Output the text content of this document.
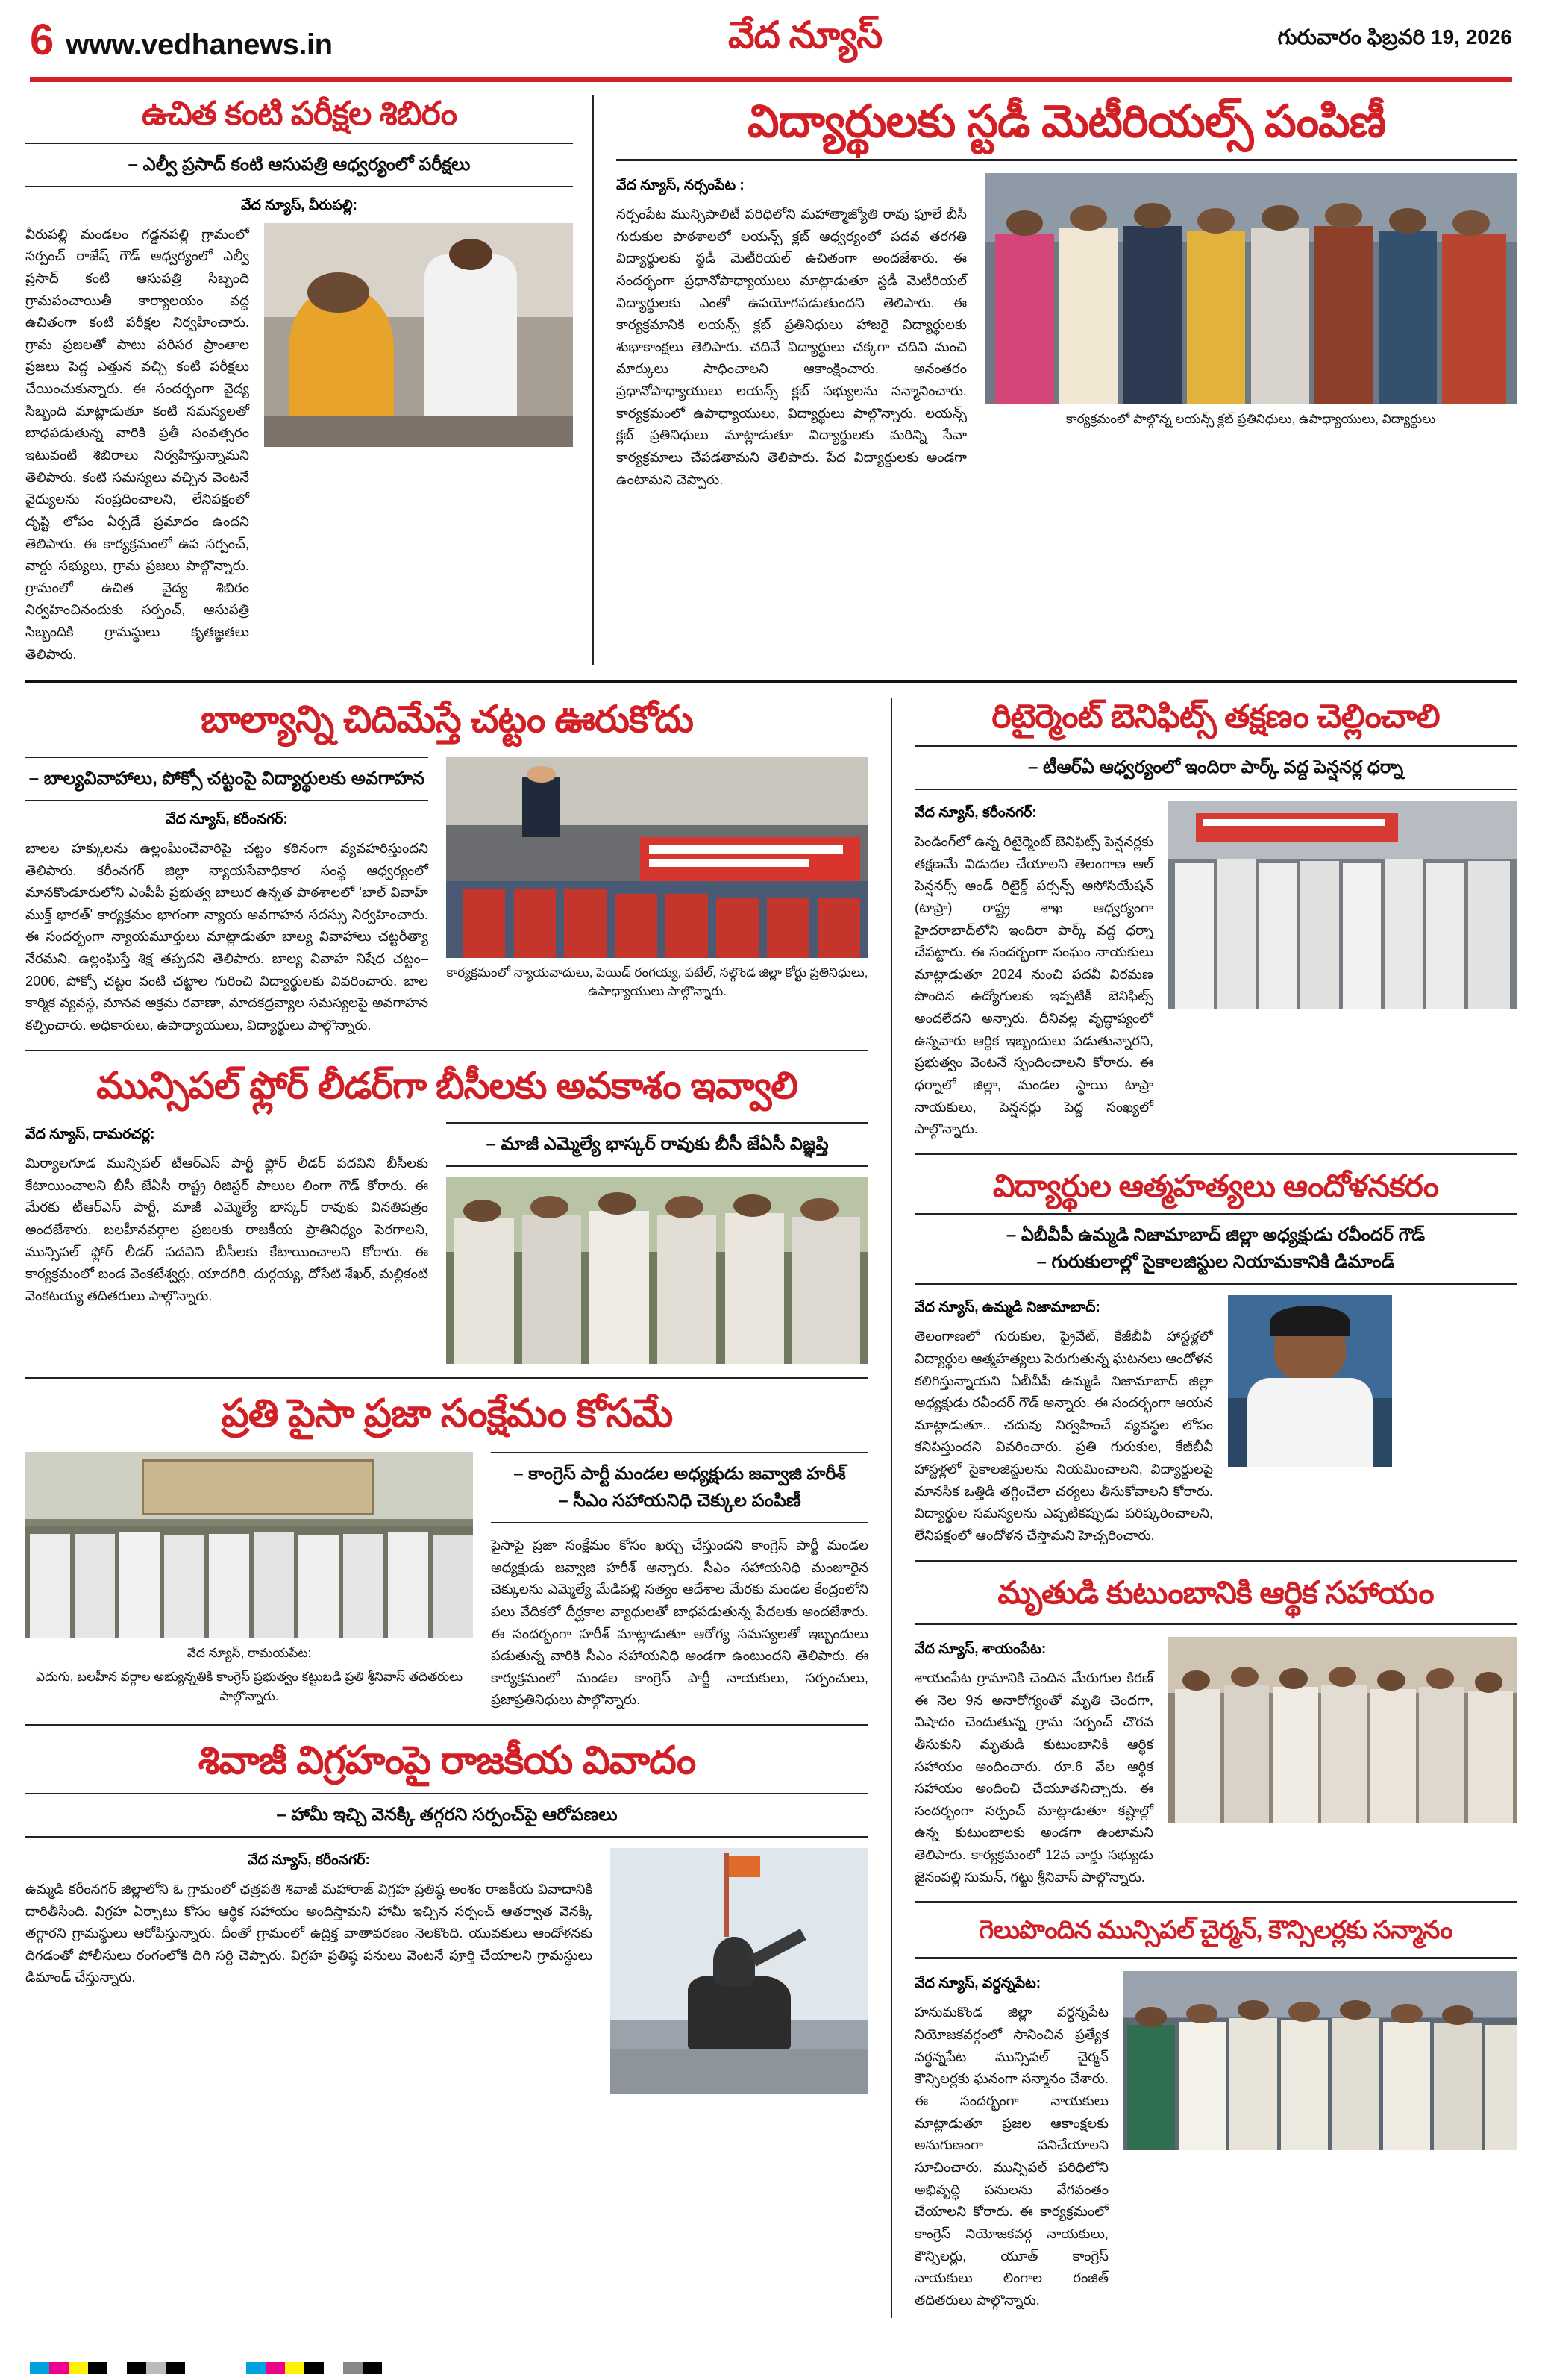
6 www.vedhanews.in	వేద న్యూస్	గురువారం ఫిబ్రవరి 19, 2026
ఉచిత కంటి పరీక్షల శిబిరం
– ఎల్వీ ప్రసాద్ కంటి ఆసుపత్రి ఆధ్వర్యంలో పరీక్షలు
వేద న్యూస్, వీరుపల్లి:
వీరుపల్లి మండలం గడ్డనపల్లి గ్రామంలో సర్పంచ్ రాజేష్ గౌడ్ ఆధ్వర్యంలో ఎల్వీ ప్రసాద్ కంటి ఆసుపత్రి సిబ్బంది గ్రామపంచాయితీ కార్యాలయం వద్ద ఉచితంగా కంటి పరీక్షల నిర్వహించారు. గ్రామ ప్రజలతో పాటు పరిసర ప్రాంతాల ప్రజలు పెద్ద ఎత్తున వచ్చి కంటి పరీక్షలు చేయించుకున్నారు. ఈ సందర్భంగా వైద్య సిబ్బంది మాట్లాడుతూ కంటి సమస్యలతో బాధపడుతున్న వారికి ప్రతీ సంవత్సరం ఇటువంటి శిబిరాలు నిర్వహిస్తున్నామని తెలిపారు. కంటి సమస్యలు వచ్చిన వెంటనే వైద్యులను సంప్రదించాలని, లేనిపక్షంలో దృష్టి లోపం ఏర్పడే ప్రమాదం ఉందని తెలిపారు. ఈ కార్యక్రమంలో ఉప సర్పంచ్, వార్డు సభ్యులు, గ్రామ ప్రజలు పాల్గొన్నారు. గ్రామంలో ఉచిత వైద్య శిబిరం నిర్వహించినందుకు సర్పంచ్, ఆసుపత్రి సిబ్బందికి గ్రామస్థులు కృతజ్ఞతలు తెలిపారు.
విద్యార్థులకు స్టడీ మెటీరియల్స్ పంపిణీ
వేద న్యూస్, నర్సంపేట :
నర్సంపేట మున్సిపాలిటీ పరిధిలోని మహాత్మాజ్యోతి రావు ఫూలే బీసీ గురుకుల పాఠశాలలో లయన్స్ క్లబ్ ఆధ్వర్యంలో పదవ తరగతి విద్యార్థులకు స్టడీ మెటీరియల్ ఉచితంగా అందజేశారు. ఈ సందర్భంగా ప్రధానోపాధ్యాయులు మాట్లాడుతూ స్టడీ మెటీరియల్ విద్యార్థులకు ఎంతో ఉపయోగపడుతుందని తెలిపారు. ఈ కార్యక్రమానికి లయన్స్ క్లబ్ ప్రతినిధులు హాజరై విద్యార్థులకు శుభాకాంక్షలు తెలిపారు. చదివే విద్యార్థులు చక్కగా చదివి మంచి మార్కులు సాధించాలని ఆకాంక్షించారు. అనంతరం ప్రధానోపాధ్యాయులు లయన్స్ క్లబ్ సభ్యులను సన్మానించారు. కార్యక్రమంలో ఉపాధ్యాయులు, విద్యార్థులు పాల్గొన్నారు. లయన్స్ క్లబ్ ప్రతినిధులు మాట్లాడుతూ విద్యార్థులకు మరిన్ని సేవా కార్యక్రమాలు చేపడతామని తెలిపారు. పేద విద్యార్థులకు అండగా ఉంటామని చెప్పారు.
కార్యక్రమంలో పాల్గొన్న లయన్స్ క్లబ్ ప్రతినిధులు, ఉపాధ్యాయులు, విద్యార్థులు
బాల్యాన్ని చిదిమేస్తే చట్టం ఊరుకోదు
– బాల్యవివాహాలు, పోక్సో చట్టంపై విద్యార్థులకు అవగాహన
వేద న్యూస్, కరీంనగర్:
బాలల హక్కులను ఉల్లంఘించేవారిపై చట్టం కఠినంగా వ్యవహరిస్తుందని తెలిపారు. కరీంనగర్ జిల్లా న్యాయసేవాధికార సంస్థ ఆధ్వర్యంలో మానకొండూరులోని ఎంపీపీ ప్రభుత్వ బాలుర ఉన్నత పాఠశాలలో 'బాల్ వివాహ్ ముక్త్ భారత్' కార్యక్రమం భాగంగా న్యాయ అవగాహన సదస్సు నిర్వహించారు. ఈ సందర్భంగా న్యాయమూర్తులు మాట్లాడుతూ బాల్య వివాహాలు చట్టరీత్యా నేరమని, ఉల్లంఘిస్తే శిక్ష తప్పదని తెలిపారు. బాల్య వివాహ నిషేధ చట్టం–2006, పోక్సో చట్టం వంటి చట్టాల గురించి విద్యార్థులకు వివరించారు. బాల కార్మిక వ్యవస్థ, మానవ అక్రమ రవాణా, మాదకద్రవ్యాల సమస్యలపై అవగాహన కల్పించారు. అధికారులు, ఉపాధ్యాయులు, విద్యార్థులు పాల్గొన్నారు.
కార్యక్రమంలో న్యాయవాదులు, పెయిడ్ రంగయ్య, పటేల్, నల్గొండ జిల్లా కోర్టు ప్రతినిధులు, ఉపాధ్యాయులు పాల్గొన్నారు.
మున్సిపల్ ఫ్లోర్ లీడర్‌గా బీసీలకు అవకాశం ఇవ్వాలి
వేద న్యూస్, దామరచర్ల:
మిర్యాలగూడ మున్సిపల్ టీఆర్ఎస్ పార్టీ ఫ్లోర్ లీడర్ పదవిని బీసీలకు కేటాయించాలని బీసీ జేఏసీ రాష్ట్ర రిజిస్టర్ పాలుల లింగా గౌడ్ కోరారు. ఈ మేరకు టీఆర్ఎస్ పార్టీ, మాజీ ఎమ్మెల్యే భాస్కర్ రావుకు వినతిపత్రం అందజేశారు. బలహీనవర్గాల ప్రజలకు రాజకీయ ప్రాతినిధ్యం పెరగాలని, మున్సిపల్ ఫ్లోర్ లీడర్ పదవిని బీసీలకు కేటాయించాలని కోరారు. ఈ కార్యక్రమంలో బండ వెంకటేశ్వర్లు, యాదగిరి, దుర్గయ్య, దోసేటి శేఖర్, మల్లికంటి వెంకటయ్య తదితరులు పాల్గొన్నారు.
– మాజీ ఎమ్మెల్యే భాస్కర్ రావుకు బీసీ జేఏసీ విజ్ఞప్తి
ప్రతి పైసా ప్రజా సంక్షేమం కోసమే
వేద న్యూస్, రామయపేట:
ఎదుగు, బలహీన వర్గాల అభ్యున్నతికి కాంగ్రెస్ ప్రభుత్వం కట్టుబడి ప్రతి శ్రీనివాస్ తదితరులు పాల్గొన్నారు.
– కాంగ్రెస్ పార్టీ మండల అధ్యక్షుడు జవ్వాజి హరీశ్
– సీఎం సహాయనిధి చెక్కుల పంపిణీ
పైసాపై ప్రజా సంక్షేమం కోసం ఖర్చు చేస్తుందని కాంగ్రెస్ పార్టీ మండల అధ్యక్షుడు జవ్వాజి హరీశ్ అన్నారు. సీఎం సహాయనిధి మంజూరైన చెక్కులను ఎమ్మెల్యే మేడిపల్లి సత్యం ఆదేశాల మేరకు మండల కేంద్రంలోని పలు వేదికలో దీర్ఘకాల వ్యాధులతో బాధపడుతున్న పేదలకు అందజేశారు. ఈ సందర్భంగా హరీశ్ మాట్లాడుతూ ఆరోగ్య సమస్యలతో ఇబ్బందులు పడుతున్న వారికి సీఎం సహాయనిధి అండగా ఉంటుందని తెలిపారు. ఈ కార్యక్రమంలో మండల కాంగ్రెస్ పార్టీ నాయకులు, సర్పంచులు, ప్రజాప్రతినిధులు పాల్గొన్నారు.
శివాజీ విగ్రహంపై రాజకీయ వివాదం
– హామీ ఇచ్చి వెనక్కి తగ్గరని సర్పంచ్‌పై ఆరోపణలు
వేద న్యూస్, కరీంనగర్:
ఉమ్మడి కరీంనగర్ జిల్లాలోని ఓ గ్రామంలో ఛత్రపతి శివాజీ మహారాజ్ విగ్రహ ప్రతిష్ఠ అంశం రాజకీయ వివాదానికి దారితీసింది. విగ్రహ ఏర్పాటు కోసం ఆర్థిక సహాయం అందిస్తామని హామీ ఇచ్చిన సర్పంచ్ ఆతర్వాత వెనక్కి తగ్గారని గ్రామస్థులు ఆరోపిస్తున్నారు. దీంతో గ్రామంలో ఉద్రిక్త వాతావరణం నెలకొంది. యువకులు ఆందోళనకు దిగడంతో పోలీసులు రంగంలోకి దిగి సర్ది చెప్పారు. విగ్రహ ప్రతిష్ఠ పనులు వెంటనే పూర్తి చేయాలని గ్రామస్థులు డిమాండ్ చేస్తున్నారు.
రిటైర్మెంట్ బెనిఫిట్స్ తక్షణం చెల్లించాలి
– టీఆర్ఏ ఆధ్వర్యంలో ఇందిరా పార్క్ వద్ద పెన్షనర్ల ధర్నా
వేద న్యూస్, కరీంనగర్:
పెండింగ్‌లో ఉన్న రిటైర్మెంట్ బెనిఫిట్స్ పెన్షనర్లకు తక్షణమే విడుదల చేయాలని తెలంగాణ ఆల్ పెన్షనర్స్ అండ్ రిటైర్డ్ పర్సన్స్ అసోసియేషన్ (టాప్రా) రాష్ట్ర శాఖ ఆధ్వర్యంగా హైదరాబాద్‌లోని ఇందిరా పార్క్ వద్ద ధర్నా చేపట్టారు. ఈ సందర్భంగా సంఘం నాయకులు మాట్లాడుతూ 2024 నుంచి పదవీ విరమణ పొందిన ఉద్యోగులకు ఇప్పటికీ బెనిఫిట్స్ అందలేదని అన్నారు. దీనివల్ల వృద్ధాప్యంలో ఉన్నవారు ఆర్థిక ఇబ్బందులు పడుతున్నారని, ప్రభుత్వం వెంటనే స్పందించాలని కోరారు. ఈ ధర్నాలో జిల్లా, మండల స్థాయి టాప్రా నాయకులు, పెన్షనర్లు పెద్ద సంఖ్యలో పాల్గొన్నారు.
విద్యార్థుల ఆత్మహత్యలు ఆందోళనకరం
– ఏబీవీపీ ఉమ్మడి నిజామాబాద్ జిల్లా అధ్యక్షుడు రవీందర్ గౌడ్
– గురుకులాల్లో సైకాలజిస్టుల నియామకానికి డిమాండ్
వేద న్యూస్, ఉమ్మడి నిజామాబాద్:
తెలంగాణలో గురుకుల, ప్రైవేట్, కేజీబీవీ హాస్టళ్లలో విద్యార్థుల ఆత్మహత్యలు పెరుగుతున్న ఘటనలు ఆందోళన కలిగిస్తున్నాయని ఏబీవీపీ ఉమ్మడి నిజామాబాద్ జిల్లా అధ్యక్షుడు రవీందర్ గౌడ్ అన్నారు. ఈ సందర్భంగా ఆయన మాట్లాడుతూ.. చదువు నిర్వహించే వ్యవస్థల లోపం కనిపిస్తుందని వివరించారు. ప్రతి గురుకుల, కేజీబీవీ హాస్టళ్లలో సైకాలజిస్టులను నియమించాలని, విద్యార్థులపై మానసిక ఒత్తిడి తగ్గించేలా చర్యలు తీసుకోవాలని కోరారు. విద్యార్థుల సమస్యలను ఎప్పటికప్పుడు పరిష్కరించాలని, లేనిపక్షంలో ఆందోళన చేస్తామని హెచ్చరించారు.
మృతుడి కుటుంబానికి ఆర్థిక సహాయం
వేద న్యూస్, శాయంపేట:
శాయంపేట గ్రామానికి చెందిన మేరుగుల కిరణ్ ఈ నెల 9న అనారోగ్యంతో మృతి చెందగా, విషాదం చెందుతున్న గ్రామ సర్పంచ్ చొరవ తీసుకుని మృతుడి కుటుంబానికి ఆర్థిక సహాయం అందించారు. రూ.6 వేల ఆర్థిక సహాయం అందించి చేయూతనిచ్చారు. ఈ సందర్భంగా సర్పంచ్ మాట్లాడుతూ కష్టాల్లో ఉన్న కుటుంబాలకు అండగా ఉంటామని తెలిపారు. కార్యక్రమంలో 12వ వార్డు సభ్యుడు జైనంపల్లి సుమన్, గట్టు శ్రీనివాస్ పాల్గొన్నారు.
గెలుపొందిన మున్సిపల్ చైర్మన్, కౌన్సిలర్లకు సన్మానం
వేద న్యూస్, వర్ధన్నపేట:
హనుమకొండ జిల్లా వర్ధన్నపేట నియోజకవర్గంలో సానించిన ప్రత్యేక వర్ధన్నపేట మున్సిపల్ చైర్మన్ కౌన్సిలర్లకు ఘనంగా సన్మానం చేశారు. ఈ సందర్భంగా నాయకులు మాట్లాడుతూ ప్రజల ఆకాంక్షలకు అనుగుణంగా పనిచేయాలని సూచించారు. మున్సిపల్ పరిధిలోని అభివృద్ధి పనులను వేగవంతం చేయాలని కోరారు. ఈ కార్యక్రమంలో కాంగ్రెస్ నియోజకవర్గ నాయకులు, కౌన్సిలర్లు, యూత్ కాంగ్రెస్ నాయకులు లింగాల రంజిత్ తదితరులు పాల్గొన్నారు.
